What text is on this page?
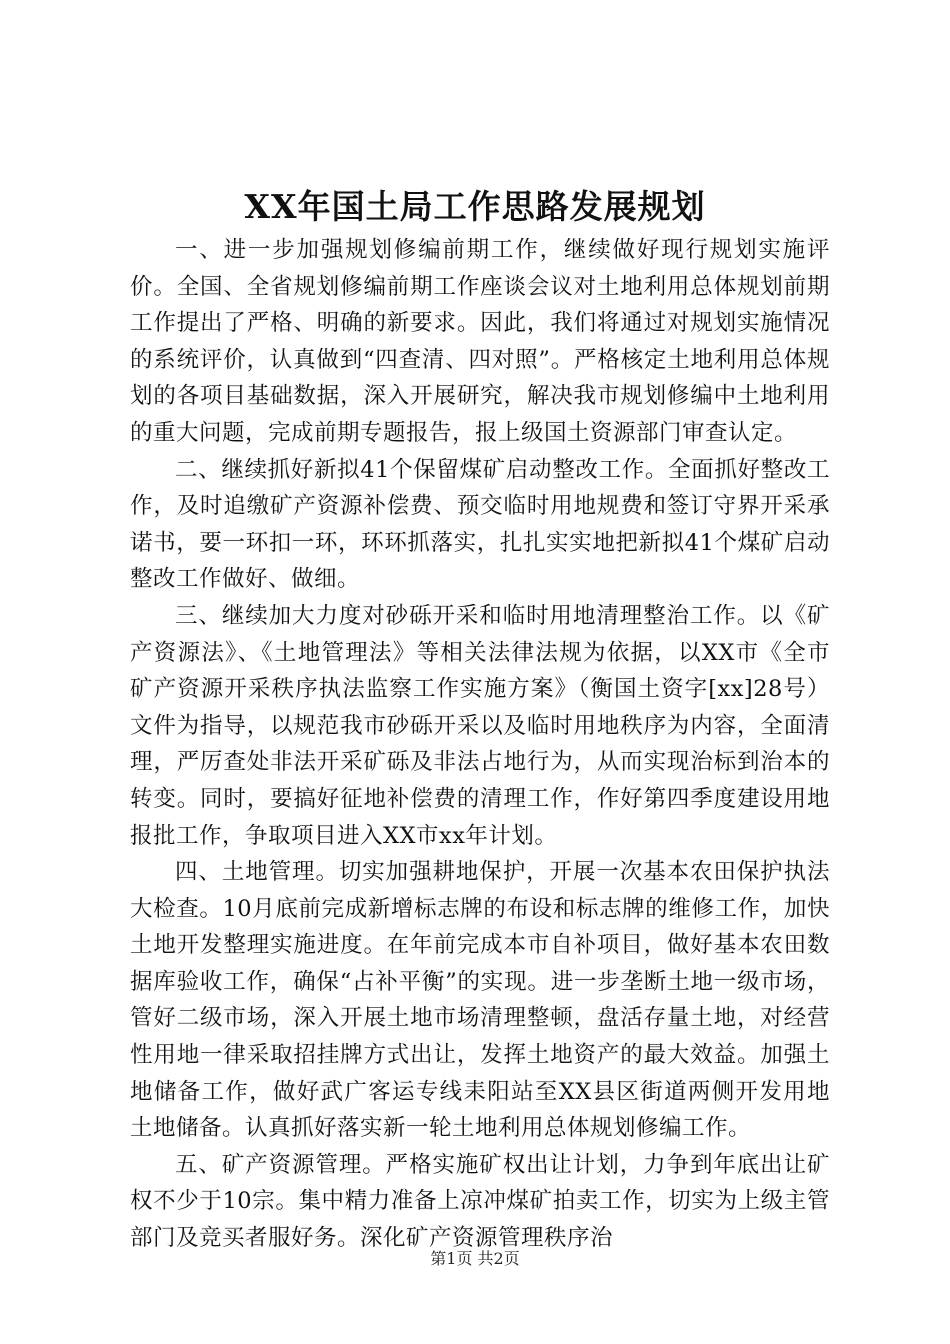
XX年国土局工作思路发展规划

一、进一步加强规划修编前期工作，继续做好现行规划实施评价。全国、全省规划修编前期工作座谈会议对土地利用总体规划前期工作提出了严格、明确的新要求。因此，我们将通过对规划实施情况的系统评价，认真做到“四查清、四对照”。严格核定土地利用总体规划的各项目基础数据，深入开展研究，解决我市规划修编中土地利用的重大问题，完成前期专题报告，报上级国土资源部门审查认定。

二、继续抓好新拟41个保留煤矿启动整改工作。全面抓好整改工作，及时追缴矿产资源补偿费、预交临时用地规费和签订守界开采承诺书，要一环扣一环，环环抓落实，扎扎实实地把新拟41个煤矿启动整改工作做好、做细。

三、继续加大力度对砂砾开采和临时用地清理整治工作。以《矿产资源法》、《土地管理法》等相关法律法规为依据，以XX市《全市矿产资源开采秩序执法监察工作实施方案》（衡国土资字[xx]28号）文件为指导，以规范我市砂砾开采以及临时用地秩序为内容，全面清理，严厉查处非法开采矿砾及非法占地行为，从而实现治标到治本的转变。同时，要搞好征地补偿费的清理工作，作好第四季度建设用地报批工作，争取项目进入XX市xx年计划。

四、土地管理。切实加强耕地保护，开展一次基本农田保护执法大检查。10月底前完成新增标志牌的布设和标志牌的维修工作，加快土地开发整理实施进度。在年前完成本市自补项目，做好基本农田数据库验收工作，确保“占补平衡”的实现。进一步垄断土地一级市场，管好二级市场，深入开展土地市场清理整顿，盘活存量土地，对经营性用地一律采取招挂牌方式出让，发挥土地资产的最大效益。加强土地储备工作，做好武广客运专线耒阳站至XX县区街道两侧开发用地土地储备。认真抓好落实新一轮土地利用总体规划修编工作。

五、矿产资源管理。严格实施矿权出让计划，力争到年底出让矿权不少于10宗。集中精力准备上凉冲煤矿拍卖工作，切实为上级主管部门及竞买者服好务。深化矿产资源管理秩序治

第1页 共2页
